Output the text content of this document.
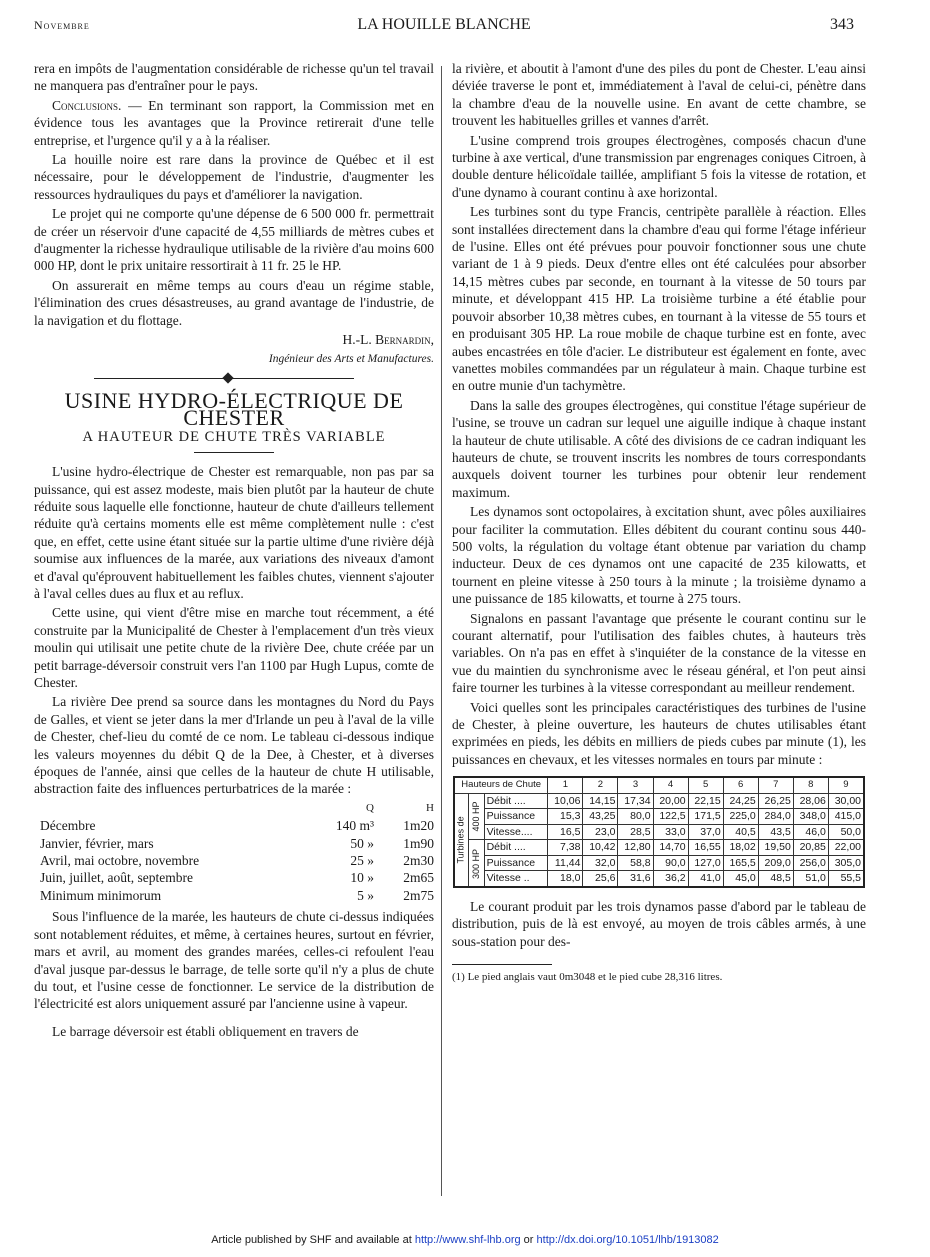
Novembre	LA HOUILLE BLANCHE	343

rera en impôts de l'augmentation considérable de richesse qu'un tel travail ne manquera pas d'entraîner pour le pays.

Conclusions. — En terminant son rapport, la Commission met en évidence tous les avantages que la Province retirerait d'une telle entreprise, et l'urgence qu'il y a à la réaliser.

La houille noire est rare dans la province de Québec et il est nécessaire, pour le développement de l'industrie, d'augmenter les ressources hydrauliques du pays et d'améliorer la navigation.

Le projet qui ne comporte qu'une dépense de 6 500 000 fr. permettrait de créer un réservoir d'une capacité de 4,55 milliards de mètres cubes et d'augmenter la richesse hydraulique utilisable de la rivière d'au moins 600 000 HP, dont le prix unitaire ressortirait à 11 fr. 25 le HP.

On assurerait en même temps au cours d'eau un régime stable, l'élimination des crues désastreuses, au grand avantage de l'industrie, de la navigation et du flottage.

H.-L. Bernardin,

Ingénieur des Arts et Manufactures.

USINE HYDRO-ÉLECTRIQUE DE CHESTER
A HAUTEUR DE CHUTE TRÈS VARIABLE

L'usine hydro-électrique de Chester est remarquable, non pas par sa puissance, qui est assez modeste, mais bien plutôt par la hauteur de chute réduite sous laquelle elle fonctionne, hauteur de chute d'ailleurs tellement réduite qu'à certains moments elle est même complètement nulle : c'est que, en effet, cette usine étant située sur la partie ultime d'une rivière déjà soumise aux influences de la marée, aux variations des niveaux d'amont et d'aval qu'éprouvent habituellement les faibles chutes, viennent s'ajouter à l'aval celles dues au flux et au reflux.

Cette usine, qui vient d'être mise en marche tout récemment, a été construite par la Municipalité de Chester à l'emplacement d'un très vieux moulin qui utilisait une petite chute de la rivière Dee, chute créée par un petit barrage-déversoir construit vers l'an 1100 par Hugh Lupus, comte de Chester.

La rivière Dee prend sa source dans les montagnes du Nord du Pays de Galles, et vient se jeter dans la mer d'Irlande un peu à l'aval de la ville de Chester, chef-lieu du comté de ce nom. Le tableau ci-dessous indique les valeurs moyennes du débit Q de la Dee, à Chester, et à diverses époques de l'année, ainsi que celles de la hauteur de chute H utilisable, abstraction faite des influences perturbatrices de la marée :

	Q	H
Décembre	140 m³	1m20
Janvier, février, mars	50 »	1m90
Avril, mai octobre, novembre	25 »	2m30
Juin, juillet, août, septembre	10 »	2m65
Minimum minimorum	5 »	2m75

Sous l'influence de la marée, les hauteurs de chute ci-dessus indiquées sont notablement réduites, et même, à certaines heures, surtout en février, mars et avril, au moment des grandes marées, celles-ci refoulent l'eau d'aval jusque par-dessus le barrage, de telle sorte qu'il n'y a plus de chute du tout, et l'usine cesse de fonctionner. Le service de la distribution de l'électricité est alors uniquement assuré par l'ancienne usine à vapeur.

Le barrage déversoir est établi obliquement en travers de

la rivière, et aboutit à l'amont d'une des piles du pont de Chester. L'eau ainsi déviée traverse le pont et, immédiatement à l'aval de celui-ci, pénètre dans la chambre d'eau de la nouvelle usine. En avant de cette chambre, se trouvent les habituelles grilles et vannes d'arrêt.

L'usine comprend trois groupes électrogènes, composés chacun d'une turbine à axe vertical, d'une transmission par engrenages coniques Citroen, à double denture hélicoïdale taillée, amplifiant 5 fois la vitesse de rotation, et d'une dynamo à courant continu à axe horizontal.

Les turbines sont du type Francis, centripète parallèle à réaction. Elles sont installées directement dans la chambre d'eau qui forme l'étage inférieur de l'usine. Elles ont été prévues pour pouvoir fonctionner sous une chute variant de 1 à 9 pieds. Deux d'entre elles ont été calculées pour absorber 14,15 mètres cubes par seconde, en tournant à la vitesse de 50 tours par minute, et développant 415 HP. La troisième turbine a été établie pour pouvoir absorber 10,38 mètres cubes, en tournant à la vitesse de 55 tours et en produisant 305 HP. La roue mobile de chaque turbine est en fonte, avec aubes encastrées en tôle d'acier. Le distributeur est également en fonte, avec vanettes mobiles commandées par un régulateur à main. Chaque turbine est en outre munie d'un tachymètre.

Dans la salle des groupes électrogènes, qui constitue l'étage supérieur de l'usine, se trouve un cadran sur lequel une aiguille indique à chaque instant la hauteur de chute utilisable. A côté des divisions de ce cadran indiquant les hauteurs de chute, se trouvent inscrits les nombres de tours correspondants auxquels doivent tourner les turbines pour obtenir leur rendement maximum.

Les dynamos sont octopolaires, à excitation shunt, avec pôles auxiliaires pour faciliter la commutation. Elles débitent du courant continu sous 440-500 volts, la régulation du voltage étant obtenue par variation du champ inducteur. Deux de ces dynamos ont une capacité de 235 kilowatts, et tournent en pleine vitesse à 250 tours à la minute ; la troisième dynamo a une puissance de 185 kilowatts, et tourne à 275 tours.

Signalons en passant l'avantage que présente le courant continu sur le courant alternatif, pour l'utilisation des faibles chutes, à hauteurs très variables. On n'a pas en effet à s'inquiéter de la constance de la vitesse en vue du maintien du synchronisme avec le réseau général, et l'on peut ainsi faire tourner les turbines à la vitesse correspondant au meilleur rendement.

Voici quelles sont les principales caractéristiques des turbines de l'usine de Chester, à pleine ouverture, les hauteurs de chutes utilisables étant exprimées en pieds, les débits en milliers de pieds cubes par minute (1), les puissances en chevaux, et les vitesses normales en tours par minute :

Hauteurs de Chute			1	2	3	4	5	6	7	8	9
Turbines de	400 HP	Débit ....	10,06	14,15	17,34	20,00	22,15	24,25	26,25	28,06	30,00
		Puissance	15,3	43,25	80,0	122,5	171,5	225,0	284,0	348,0	415,0
		Vitesse....	16,5	23,0	28,5	33,0	37,0	40,5	43,5	46,0	50,0
	300 HP	Débit ....	7,38	10,42	12,80	14,70	16,55	18,02	19,50	20,85	22,00
		Puissance	11,44	32,0	58,8	90,0	127,0	165,5	209,0	256,0	305,0
		Vitesse ..	18,0	25,6	31,6	36,2	41,0	45,0	48,5	51,0	55,5

Le courant produit par les trois dynamos passe d'abord par le tableau de distribution, puis de là est envoyé, au moyen de trois câbles armés, à une sous-station pour des-

(1) Le pied anglais vaut 0m3048 et le pied cube 28,316 litres.

Article published by SHF and available at http://www.shf-lhb.org or http://dx.doi.org/10.1051/lhb/1913082
